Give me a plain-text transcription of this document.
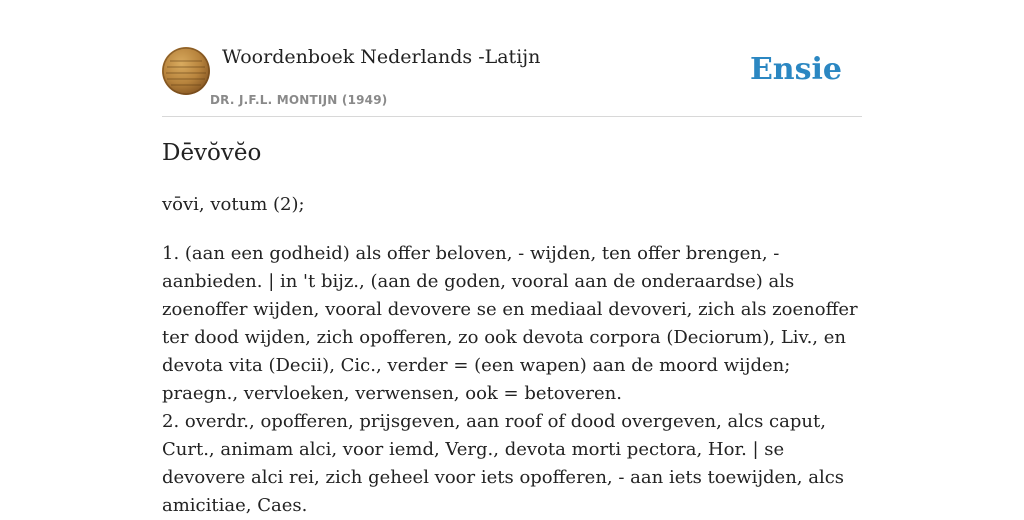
Woordenboek Nederlands -Latijn
DR. J.F.L. MONTIJN (1949)
Ensie
Dēvŏvĕo
vōvi, votum (2);

1. (aan een godheid) als offer beloven, - wijden, ten offer brengen, - aanbieden. | in 't bijz., (aan de goden, vooral aan de onderaardse) als zoenoffer wijden, vooral devovere se en mediaal devoveri, zich als zoenoffer ter dood wijden, zich opofferen, zo ook devota corpora (Deciorum), Liv., en devota vita (Decii), Cic., verder = (een wapen) aan de moord wijden; praegn., vervloeken, verwensen, ook = betoveren.

2. overdr., opofferen, prijsgeven, aan roof of dood overgeven, alcs caput, Curt., animam alci, voor iemd, Verg., devota morti pectora, Hor. | se devovere alci rei, zich geheel voor iets opofferen, - aan iets toewijden, alcs amicitiae, Caes.
